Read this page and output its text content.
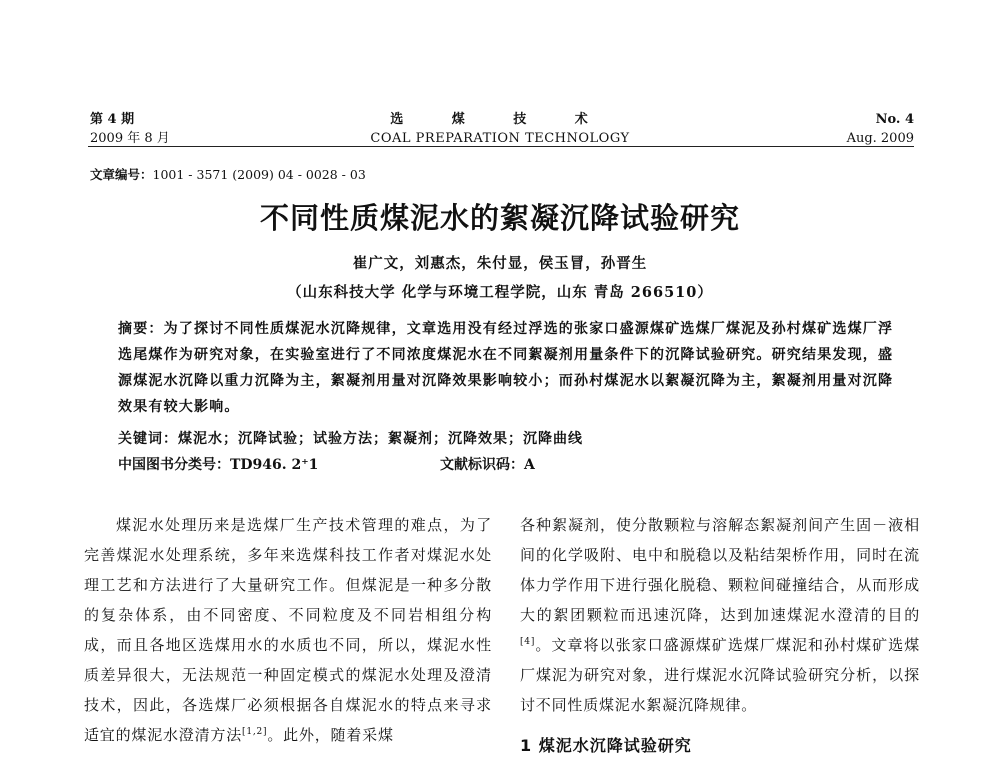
第 4 期
2009 年 8 月
选 煤 技 术
COAL PREPARATION TECHNOLOGY
No. 4
Aug. 2009
文章编号：1001 - 3571 (2009) 04 - 0028 - 03
不同性质煤泥水的絮凝沉降试验研究
崔广文，刘惠杰，朱付显，侯玉冒，孙晋生
（山东科技大学 化学与环境工程学院，山东 青岛 266510）
摘要：为了探讨不同性质煤泥水沉降规律，文章选用没有经过浮选的张家口盛源煤矿选煤厂煤泥及孙村煤矿选煤厂浮选尾煤作为研究对象，在实验室进行了不同浓度煤泥水在不同絮凝剂用量条件下的沉降试验研究。研究结果发现，盛源煤泥水沉降以重力沉降为主，絮凝剂用量对沉降效果影响较小；而孙村煤泥水以絮凝沉降为主，絮凝剂用量对沉降效果有较大影响。
关键词：煤泥水；沉降试验；试验方法；絮凝剂；沉降效果；沉降曲线
中国图书分类号：TD946. 2⁺1	文献标识码：A

煤泥水处理历来是选煤厂生产技术管理的难点，为了完善煤泥水处理系统，多年来选煤科技工作者对煤泥水处理工艺和方法进行了大量研究工作。但煤泥是一种多分散的复杂体系，由不同密度、不同粒度及不同岩相组分构成，而且各地区选煤用水的水质也不同，所以，煤泥水性质差异很大，无法规范一种固定模式的煤泥水处理及澄清技术，因此，各选煤厂必须根据各自煤泥水的特点来寻求适宜的煤泥水澄清方法[1,2]。此外，随着采煤

各种絮凝剂，使分散颗粒与溶解态絮凝剂间产生固－液相间的化学吸附、电中和脱稳以及粘结架桥作用，同时在流体力学作用下进行强化脱稳、颗粒间碰撞结合，从而形成大的絮团颗粒而迅速沉降，达到加速煤泥水澄清的目的[4]。文章将以张家口盛源煤矿选煤厂煤泥和孙村煤矿选煤厂煤泥为研究对象，进行煤泥水沉降试验研究分析，以探讨不同性质煤泥水絮凝沉降规律。

1 煤泥水沉降试验研究
